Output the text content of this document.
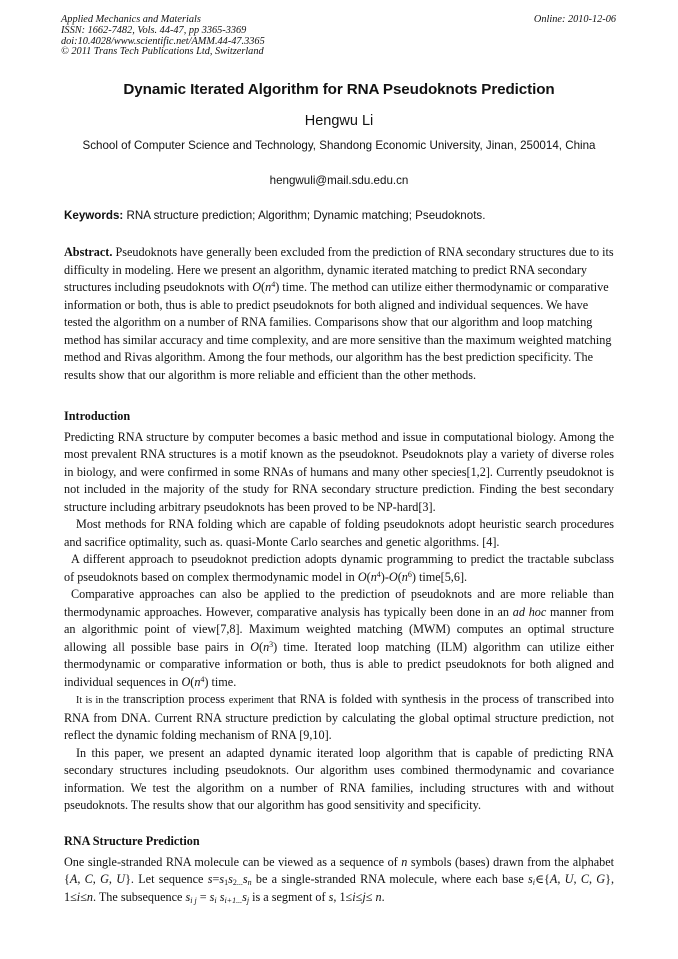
Applied Mechanics and Materials
ISSN: 1662-7482, Vols. 44-47, pp 3365-3369
doi:10.4028/www.scientific.net/AMM.44-47.3365
© 2011 Trans Tech Publications Ltd, Switzerland
Online: 2010-12-06
Dynamic Iterated Algorithm for RNA Pseudoknots Prediction
Hengwu Li
School of Computer Science and Technology, Shandong Economic University, Jinan, 250014, China
hengwuli@mail.sdu.edu.cn
Keywords: RNA structure prediction; Algorithm; Dynamic matching; Pseudoknots.

Abstract. Pseudoknots have generally been excluded from the prediction of RNA secondary structures due to its difficulty in modeling. Here we present an algorithm, dynamic iterated matching to predict RNA secondary structures including pseudoknots with $O(n^4)$ time. The method can utilize either thermodynamic or comparative information or both, thus is able to predict pseudoknots for both aligned and individual sequences. We have tested the algorithm on a number of RNA families. Comparisons show that our algorithm and loop matching method has similar accuracy and time complexity, and are more sensitive than the maximum weighted matching method and Rivas algorithm. Among the four methods, our algorithm has the best prediction specificity. The results show that our algorithm is more reliable and efficient than the other methods.

Introduction

Predicting RNA structure by computer becomes a basic method and issue in computational biology. Among the most prevalent RNA structures is a motif known as the pseudoknot. Pseudoknots play a variety of diverse roles in biology, and were confirmed in some RNAs of humans and many other species[1,2]. Currently pseudoknot is not included in the majority of the study for RNA secondary structure prediction. Finding the best secondary structure including arbitrary pseudoknots has been proved to be NP-hard[3].

Most methods for RNA folding which are capable of folding pseudoknots adopt heuristic search procedures and sacrifice optimality, such as. quasi-Monte Carlo searches and genetic algorithms. [4].

A different approach to pseudoknot prediction adopts dynamic programming to predict the tractable subclass of pseudoknots based on complex thermodynamic model in $O(n^4)-O(n^6)$ time[5,6].

Comparative approaches can also be applied to the prediction of pseudoknots and are more reliable than thermodynamic approaches. However, comparative analysis has typically been done in an ad hoc manner from an algorithmic point of view[7,8]. Maximum weighted matching (MWM) computes an optimal structure allowing all possible base pairs in $O(n^3)$ time. Iterated loop matching (ILM) algorithm can utilize either thermodynamic or comparative information or both, thus is able to predict pseudoknots for both aligned and individual sequences in $O(n^4)$ time.

It is in the transcription process experiment that RNA is folded with synthesis in the process of transcribed into RNA from DNA. Current RNA structure prediction by calculating the global optimal structure prediction, not reflect the dynamic folding mechanism of RNA [9,10].

In this paper, we present an adapted dynamic iterated loop algorithm that is capable of predicting RNA secondary structures including pseudoknots. Our algorithm uses combined thermodynamic and covariance information. We test the algorithm on a number of RNA families, including structures with and without pseudoknots. The results show that our algorithm has good sensitivity and specificity.

RNA Structure Prediction

One single-stranded RNA molecule can be viewed as a sequence of n symbols (bases) drawn from the alphabet {A, C, G, U}. Let sequence $s=s_1s_{2...}s_n$ be a single-stranded RNA molecule, where each base $s_i\in\{A$, U, C, G}, 1≤i≤n. The subsequence $s_{i j} = s_i$ $s_{i+1...}s_j$ is a segment of s, 1≤i≤j≤ n.
